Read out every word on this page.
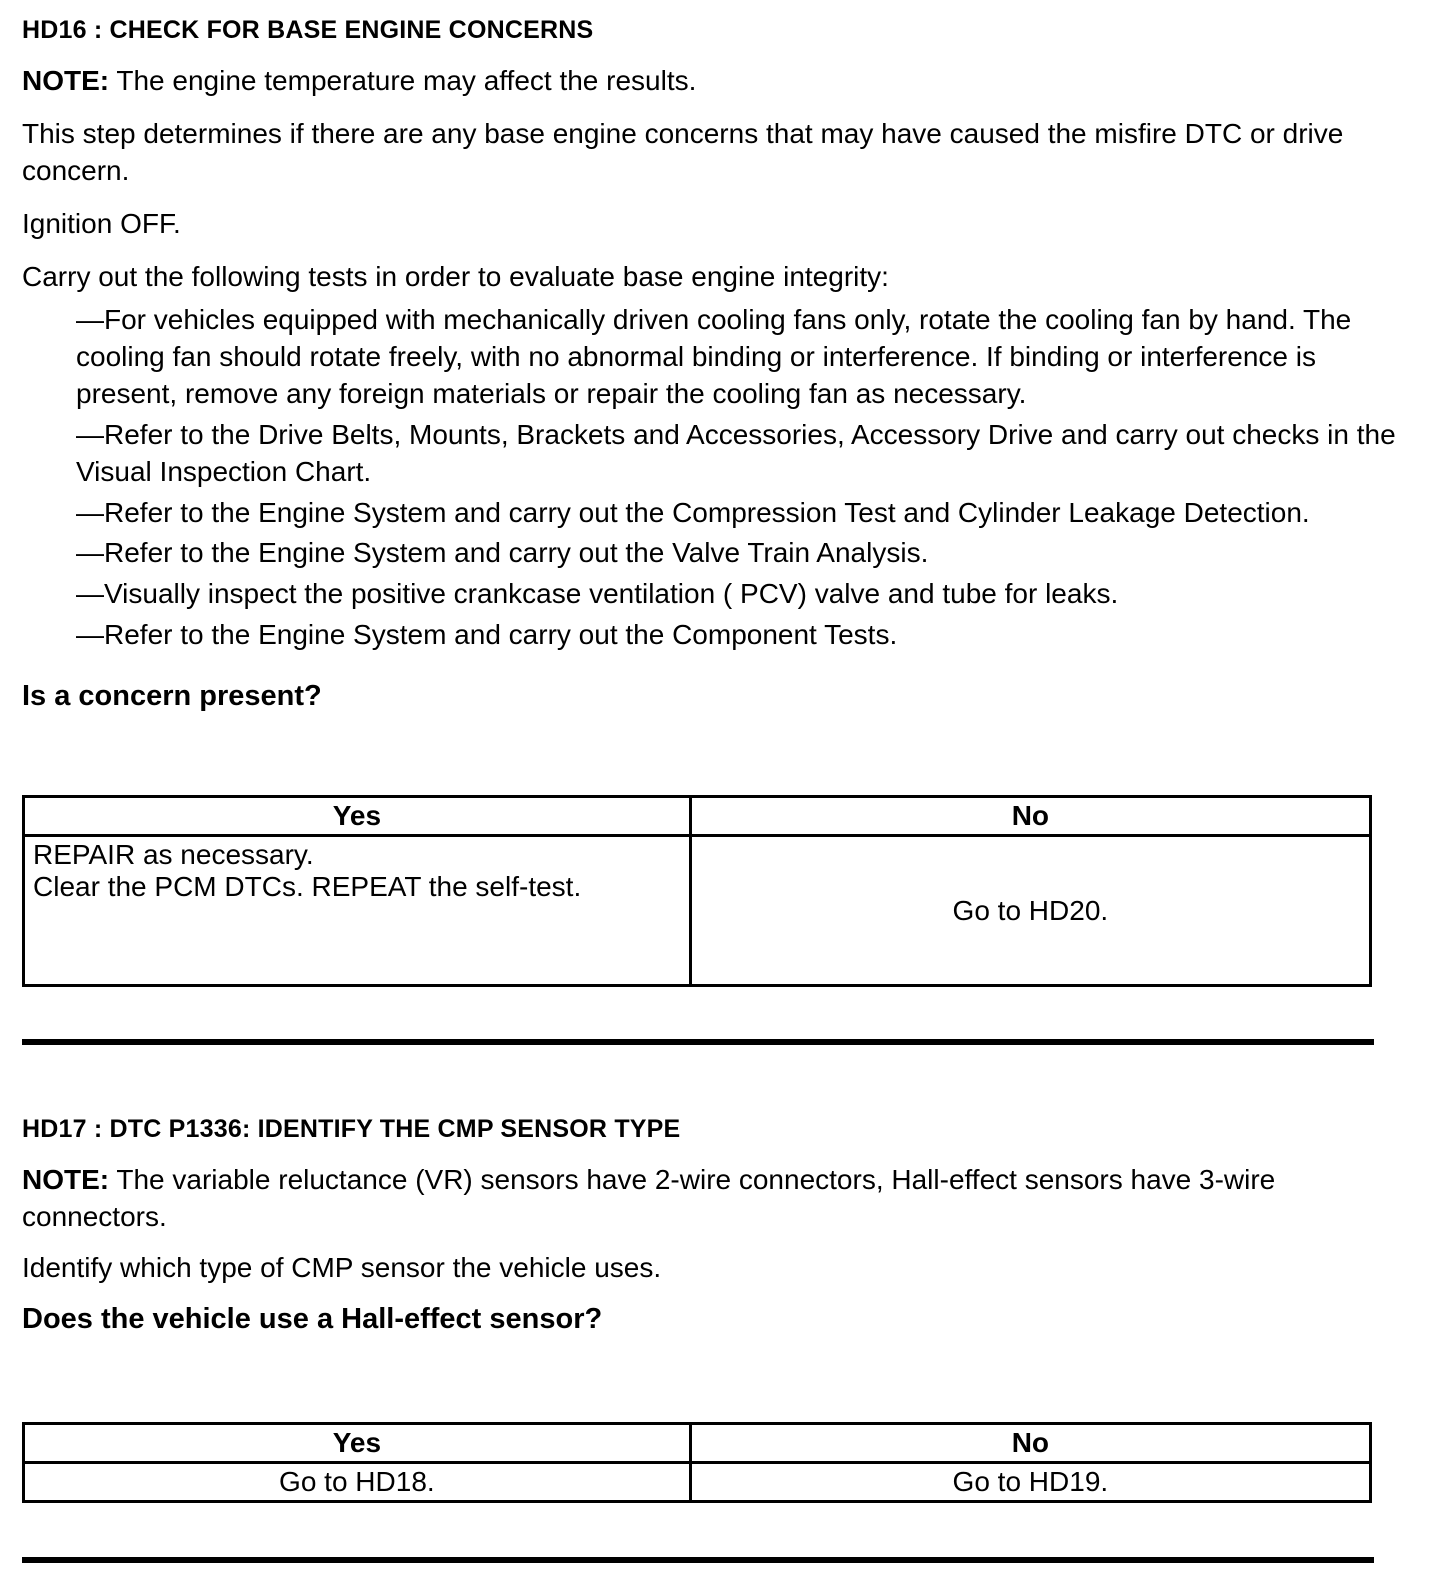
HD16 : CHECK FOR BASE ENGINE CONCERNS

NOTE: The engine temperature may affect the results.

This step determines if there are any base engine concerns that may have caused the misfire DTC or drive concern.

Ignition OFF.

Carry out the following tests in order to evaluate base engine integrity:

—For vehicles equipped with mechanically driven cooling fans only, rotate the cooling fan by hand. The cooling fan should rotate freely, with no abnormal binding or interference. If binding or interference is present, remove any foreign materials or repair the cooling fan as necessary.
—Refer to the Drive Belts, Mounts, Brackets and Accessories, Accessory Drive and carry out checks in the Visual Inspection Chart.
—Refer to the Engine System and carry out the Compression Test and Cylinder Leakage Detection.
—Refer to the Engine System and carry out the Valve Train Analysis.
—Visually inspect the positive crankcase ventilation ( PCV) valve and tube for leaks.
—Refer to the Engine System and carry out the Component Tests.

Is a concern present?

Yes	No

REPAIR as necessary.
Clear the PCM DTCs. REPEAT the self-test.	Go to HD20.
HD17 : DTC P1336: IDENTIFY THE CMP SENSOR TYPE

NOTE: The variable reluctance (VR) sensors have 2-wire connectors, Hall-effect sensors have 3-wire connectors.

Identify which type of CMP sensor the vehicle uses.

Does the vehicle use a Hall-effect sensor?

Yes	No
Go to HD18.	Go to HD19.
